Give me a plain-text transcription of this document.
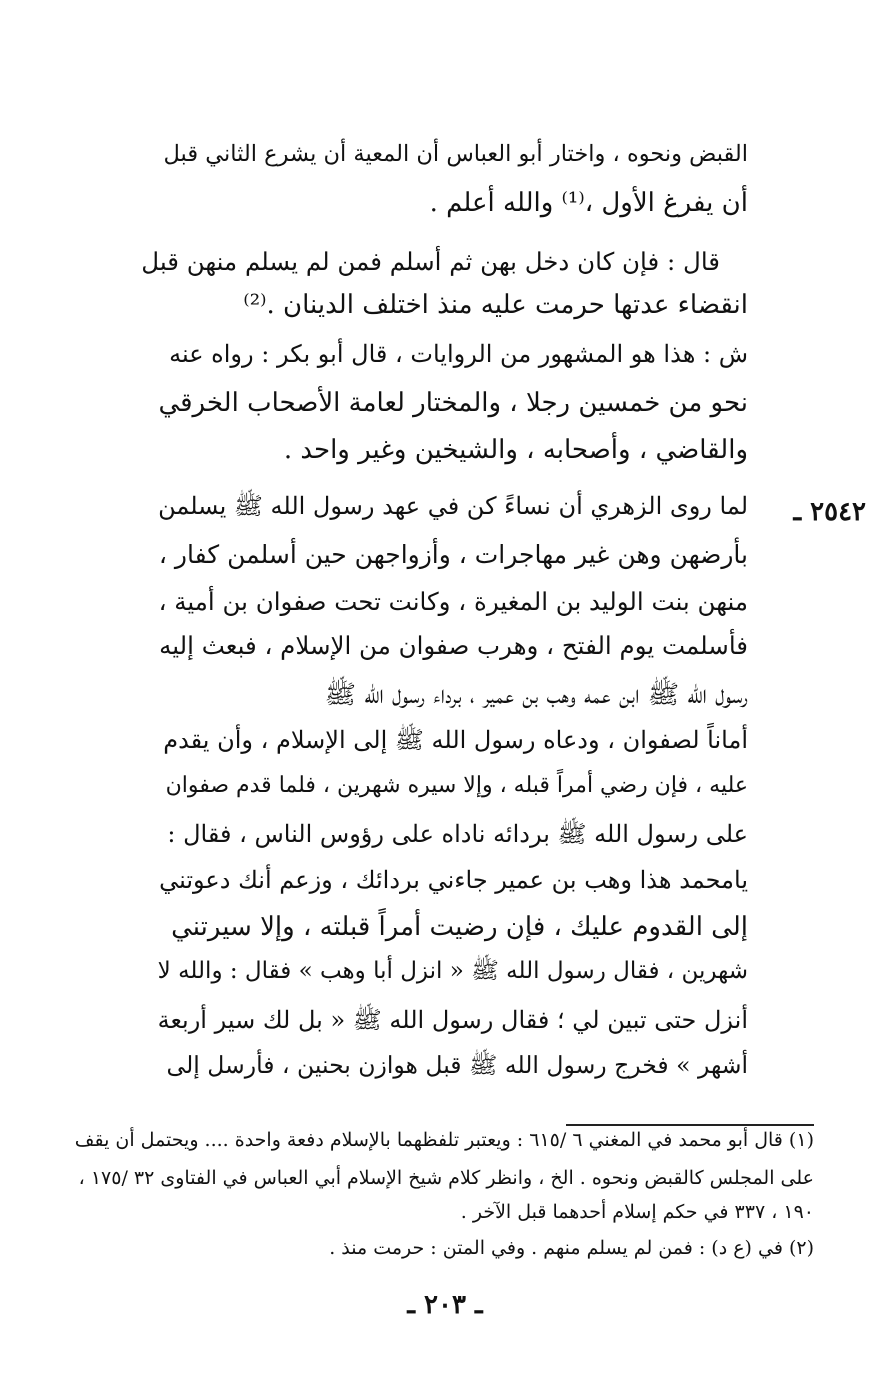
القبض ونحوه ، واختار أبو العباس أن المعية أن يشرع الثاني قبل
أن يفرغ الأول ،⁽¹⁾ والله أعلم .
قال : فإن كان دخل بهن ثم أسلم فمن لم يسلم منهن قبل
انقضاء عدتها حرمت عليه منذ اختلف الدينان .⁽²⁾
ش : هذا هو المشهور من الروايات ، قال أبو بكر : رواه عنه
نحو من خمسين رجلا ، والمختار لعامة الأصحاب الخرقي
والقاضي ، وأصحابه ، والشيخين وغير واحد .
٢٥٤٢ ـ
لما روى الزهري أن نساءً كن في عهد رسول الله ﷺ يسلمن
بأرضهن وهن غير مهاجرات ، وأزواجهن حين أسلمن كفار ،
منهن بنت الوليد بن المغيرة ، وكانت تحت صفوان بن أمية ،
فأسلمت يوم الفتح ، وهرب صفوان من الإسلام ، فبعث إليه
رسول الله ﷺ ابن عمه وهب بن عمير ، برداء رسول الله ﷺ
أماناً لصفوان ، ودعاه رسول الله ﷺ إلى الإسلام ، وأن يقدم
عليه ، فإن رضي أمراً قبله ، وإلا سيره شهرين ، فلما قدم صفوان
على رسول الله ﷺ بردائه ناداه على رؤوس الناس ، فقال :
يامحمد هذا وهب بن عمير جاءني بردائك ، وزعم أنك دعوتني
إلى القدوم عليك ، فإن رضيت أمراً قبلته ، وإلا سيرتني
شهرين ، فقال رسول الله ﷺ « انزل أبا وهب » فقال : والله لا
أنزل حتى تبين لي ؛ فقال رسول الله ﷺ « بل لك سير أربعة
أشهر » فخرج رسول الله ﷺ قبل هوازن بحنين ، فأرسل إلى
(١) قال أبو محمد في المغني ٦ /٦١٥ : ويعتبر تلفظهما بالإسلام دفعة واحدة .... ويحتمل أن يقف
على المجلس كالقبض ونحوه . الخ ، وانظر كلام شيخ الإسلام أبي العباس في الفتاوى ٣٢ /١٧٥ ،
١٩٠ ، ٣٣٧ في حكم إسلام أحدهما قبل الآخر .
(٢) في (ع د) : فمن لم يسلم منهم . وفي المتن : حرمت منذ .
ـ ٢٠٣ ـ
